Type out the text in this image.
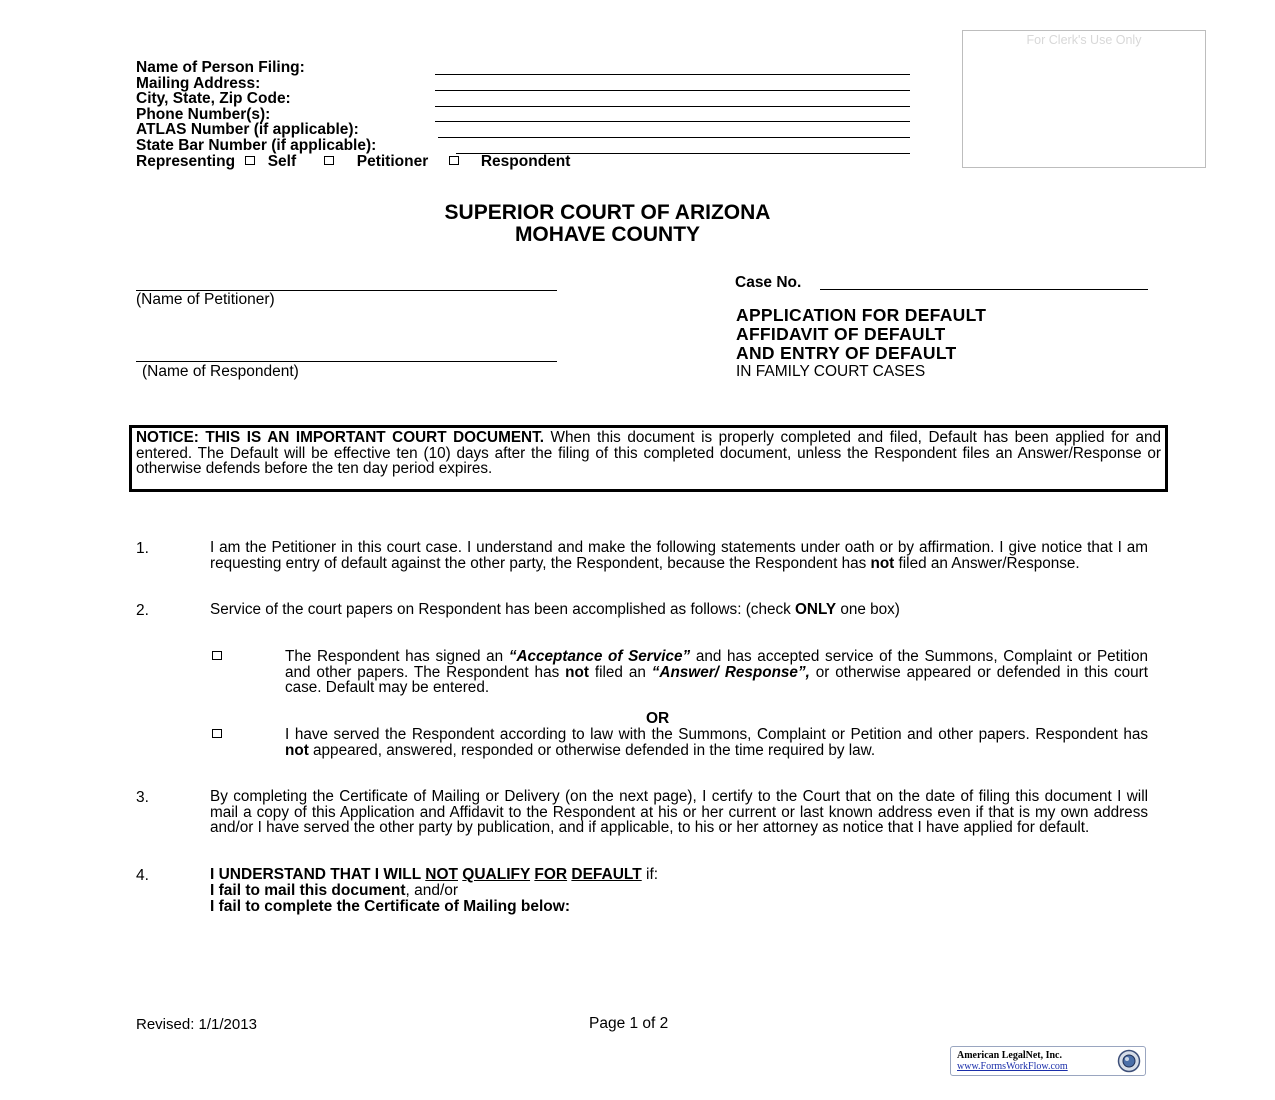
For Clerk's Use Only
Name of Person Filing:
Mailing Address:
City, State, Zip Code:
Phone Number(s):
ATLAS Number (if applicable):
State Bar Number (if applicable):
Representing Self	Petitioner	Respondent
SUPERIOR COURT OF ARIZONA
MOHAVE COUNTY
(Name of Petitioner)
(Name of Respondent)
Case No.
APPLICATION FOR DEFAULT
AFFIDAVIT OF DEFAULT
AND ENTRY OF DEFAULT
IN FAMILY COURT CASES
NOTICE: THIS IS AN IMPORTANT COURT DOCUMENT. When this document is properly completed and filed, Default has been applied for and entered. The Default will be effective ten (10) days after the filing of this completed document, unless the Respondent files an Answer/Response or otherwise defends before the ten day period expires.
1.	I am the Petitioner in this court case. I understand and make the following statements under oath or by affirmation. I give notice that I am requesting entry of default against the other party, the Respondent, because the Respondent has not filed an Answer/Response.
2.	Service of the court papers on Respondent has been accomplished as follows: (check ONLY one box)
The Respondent has signed an “Acceptance of Service” and has accepted service of the Summons, Complaint or Petition and other papers. The Respondent has not filed an “Answer/ Response”, or otherwise appeared or defended in this court case. Default may be entered.
OR
I have served the Respondent according to law with the Summons, Complaint or Petition and other papers. Respondent has not appeared, answered, responded or otherwise defended in the time required by law.
3.	By completing the Certificate of Mailing or Delivery (on the next page), I certify to the Court that on the date of filing this document I will mail a copy of this Application and Affidavit to the Respondent at his or her current or last known address even if that is my own address and/or I have served the other party by publication, and if applicable, to his or her attorney as notice that I have applied for default.
4.	I UNDERSTAND THAT I WILL NOT QUALIFY FOR DEFAULT if:
I fail to mail this document, and/or
I fail to complete the Certificate of Mailing below:
Revised: 1/1/2013	Page 1 of 2
American LegalNet, Inc.
www.FormsWorkFlow.com
